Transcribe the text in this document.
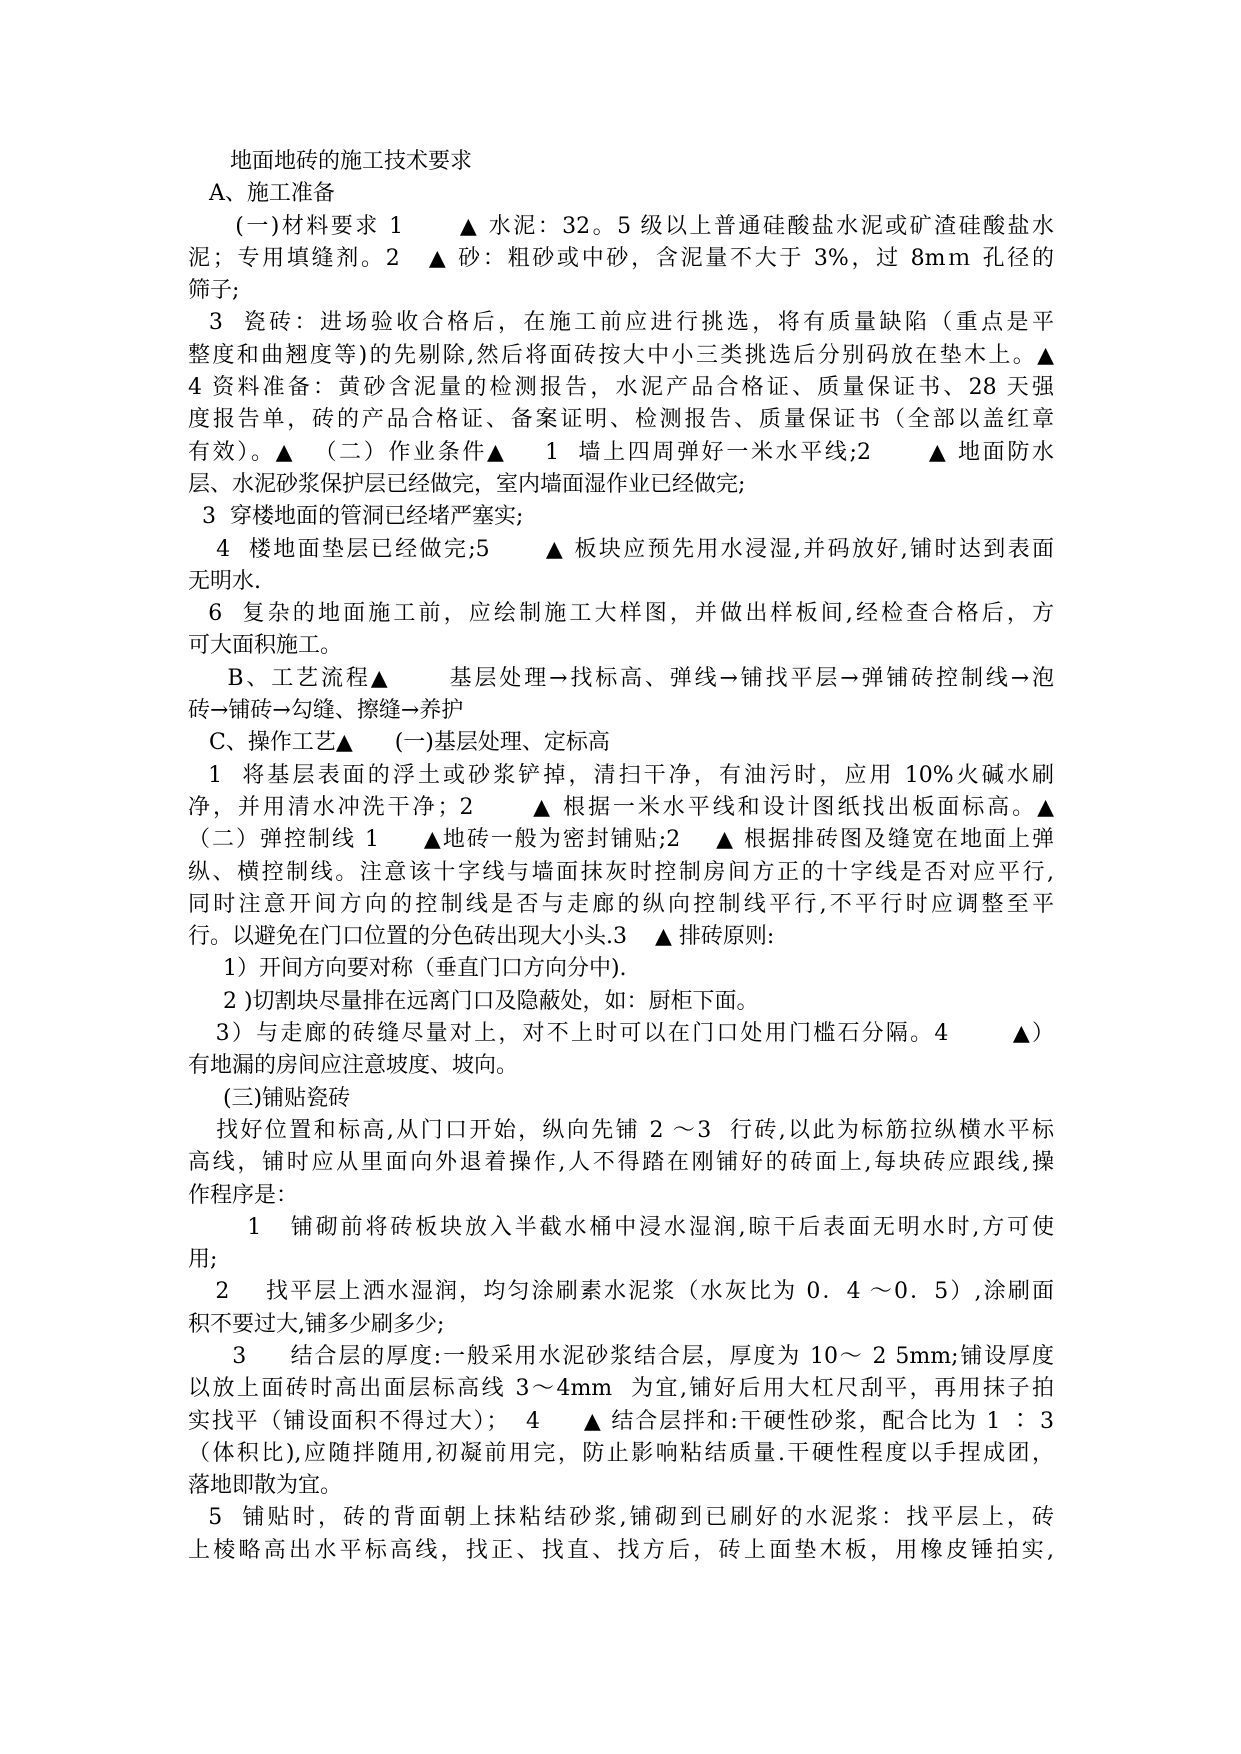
地面地砖的施工技术要求
A、施工准备
(一)材料要求 1      ▲ 水泥：32。5 级以上普通硅酸盐水泥或矿渣硅酸盐水
泥；专用填缝剂。2   ▲ 砂：粗砂或中砂，含泥量不大于 3%，过 8mｍ 孔径的
筛子;
3  瓷砖：进场验收合格后，在施工前应进行挑选，将有质量缺陷（重点是平
整度和曲翘度等)的先剔除,然后将面砖按大中小三类挑选后分别码放在垫木上。▲
4 资料准备：黄砂含泥量的检测报告，水泥产品合格证、质量保证书、28 天强
度报告单，砖的产品合格证、备案证明、检测报告、质量保证书（全部以盖红章
有效）。▲  （二）作业条件▲    1  墙上四周弹好一米水平线;2      ▲ 地面防水
层、水泥砂浆保护层已经做完，室内墙面湿作业已经做完;
3  穿楼地面的管洞已经堵严塞实;
4  楼地面垫层已经做完;5      ▲ 板块应预先用水浸湿,并码放好,铺时达到表面
无明水.
6  复杂的地面施工前，应绘制施工大样图，并做出样板间,经检查合格后，方
可大面积施工。
B、工艺流程▲      基层处理→找标高、弹线→铺找平层→弹铺砖控制线→泡
砖→铺砖→勾缝、擦缝→养护
C、操作工艺▲      (一)基层处理、定标高
1  将基层表面的浮土或砂浆铲掉，清扫干净，有油污时，应用 10%火碱水刷
净，并用清水冲洗干净；2      ▲ 根据一米水平线和设计图纸找出板面标高。▲
（二）弹控制线 1     ▲地砖一般为密封铺贴;2    ▲ 根据排砖图及缝宽在地面上弹
纵、横控制线。注意该十字线与墙面抹灰时控制房间方正的十字线是否对应平行,
同时注意开间方向的控制线是否与走廊的纵向控制线平行,不平行时应调整至平
行。以避免在门口位置的分色砖出现大小头.3    ▲ 排砖原则:
1）开间方向要对称（垂直门口方向分中).
2 )切割块尽量排在远离门口及隐蔽处，如：厨柜下面。
3）与走廊的砖缝尽量对上，对不上时可以在门口处用门槛石分隔。4       ▲）
有地漏的房间应注意坡度、坡向。
(三)铺贴瓷砖
找好位置和标高,从门口开始，纵向先铺 2 ～3  行砖,以此为标筋拉纵横水平标
高线，铺时应从里面向外退着操作,人不得踏在刚铺好的砖面上,每块砖应跟线,操
作程序是：
1   铺砌前将砖板块放入半截水桶中浸水湿润,晾干后表面无明水时,方可使
用;
2    找平层上洒水湿润，均匀涂刷素水泥浆（水灰比为 0．4 ～0．5）,涂刷面
积不要过大,铺多少刷多少;
3     结合层的厚度:一般采用水泥砂浆结合层，厚度为 10～ 2 5mm;铺设厚度
以放上面砖时高出面层标高线 3～4mm  为宜,铺好后用大杠尺刮平，再用抹子拍
实找平（铺设面积不得过大）；  4     ▲ 结合层拌和:干硬性砂浆，配合比为 1 ∶ 3
（体积比),应随拌随用,初凝前用完，防止影响粘结质量.干硬性程度以手捏成团，
落地即散为宜。
5  铺贴时，砖的背面朝上抹粘结砂浆,铺砌到已刷好的水泥浆：找平层上，砖
上棱略高出水平标高线，找正、找直、找方后，砖上面垫木板，用橡皮锤拍实,
